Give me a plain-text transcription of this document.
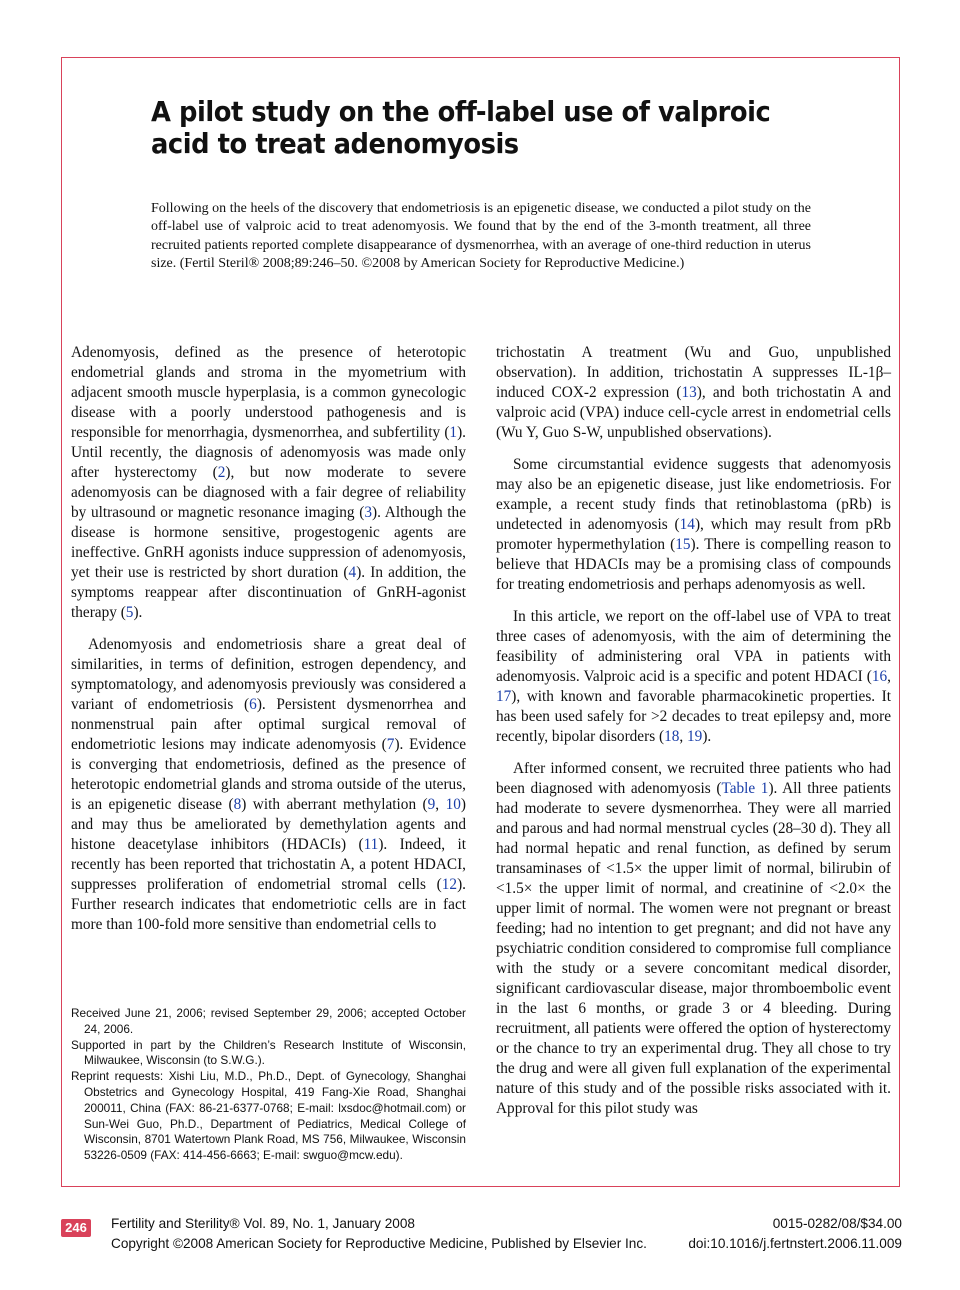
A pilot study on the off-label use of valproic acid to treat adenomyosis

Following on the heels of the discovery that endometriosis is an epigenetic disease, we conducted a pilot study on the off-label use of valproic acid to treat adenomyosis. We found that by the end of the 3-month treatment, all three recruited patients reported complete disappearance of dysmenorrhea, with an average of one-third reduction in uterus size. (Fertil Steril® 2008;89:246–50. ©2008 by American Society for Reproductive Medicine.)

Adenomyosis, defined as the presence of heterotopic endometrial glands and stroma in the myometrium with adjacent smooth muscle hyperplasia, is a common gynecologic disease with a poorly understood pathogenesis and is responsible for menorrhagia, dysmenorrhea, and subfertility (1). Until recently, the diagnosis of adenomyosis was made only after hysterectomy (2), but now moderate to severe adenomyosis can be diagnosed with a fair degree of reliability by ultrasound or magnetic resonance imaging (3). Although the disease is hormone sensitive, progestogenic agents are ineffective. GnRH agonists induce suppression of adenomyosis, yet their use is restricted by short duration (4). In addition, the symptoms reappear after discontinuation of GnRH-agonist therapy (5).

Adenomyosis and endometriosis share a great deal of similarities, in terms of definition, estrogen dependency, and symptomatology, and adenomyosis previously was considered a variant of endometriosis (6). Persistent dysmenorrhea and nonmenstrual pain after optimal surgical removal of endometriotic lesions may indicate adenomyosis (7). Evidence is converging that endometriosis, defined as the presence of heterotopic endometrial glands and stroma outside of the uterus, is an epigenetic disease (8) with aberrant methylation (9, 10) and may thus be ameliorated by demethylation agents and histone deacetylase inhibitors (HDACIs) (11). Indeed, it recently has been reported that trichostatin A, a potent HDACI, suppresses proliferation of endometrial stromal cells (12). Further research indicates that endometriotic cells are in fact more than 100-fold more sensitive than endometrial cells to

trichostatin A treatment (Wu and Guo, unpublished observation). In addition, trichostatin A suppresses IL-1β–induced COX-2 expression (13), and both trichostatin A and valproic acid (VPA) induce cell-cycle arrest in endometrial cells (Wu Y, Guo S-W, unpublished observations).

Some circumstantial evidence suggests that adenomyosis may also be an epigenetic disease, just like endometriosis. For example, a recent study finds that retinoblastoma (pRb) is undetected in adenomyosis (14), which may result from pRb promoter hypermethylation (15). There is compelling reason to believe that HDACIs may be a promising class of compounds for treating endometriosis and perhaps adenomyosis as well.

In this article, we report on the off-label use of VPA to treat three cases of adenomyosis, with the aim of determining the feasibility of administering oral VPA in patients with adenomyosis. Valproic acid is a specific and potent HDACI (16, 17), with known and favorable pharmacokinetic properties. It has been used safely for >2 decades to treat epilepsy and, more recently, bipolar disorders (18, 19).

After informed consent, we recruited three patients who had been diagnosed with adenomyosis (Table 1). All three patients had moderate to severe dysmenorrhea. They were all married and parous and had normal menstrual cycles (28–30 d). They all had normal hepatic and renal function, as defined by serum transaminases of <1.5× the upper limit of normal, bilirubin of <1.5× the upper limit of normal, and creatinine of <2.0× the upper limit of normal. The women were not pregnant or breast feeding; had no intention to get pregnant; and did not have any psychiatric condition considered to compromise full compliance with the study or a severe concomitant medical disorder, significant cardiovascular disease, major thromboembolic event in the last 6 months, or grade 3 or 4 bleeding. During recruitment, all patients were offered the option of hysterectomy or the chance to try an experimental drug. They all chose to try the drug and were all given full explanation of the experimental nature of this study and of the possible risks associated with it. Approval for this pilot study was

Received June 21, 2006; revised September 29, 2006; accepted October 24, 2006.

Supported in part by the Children’s Research Institute of Wisconsin, Milwaukee, Wisconsin (to S.W.G.).

Reprint requests: Xishi Liu, M.D., Ph.D., Dept. of Gynecology, Shanghai Obstetrics and Gynecology Hospital, 419 Fang-Xie Road, Shanghai 200011, China (FAX: 86-21-6377-0768; E-mail: lxsdoc@hotmail.com) or Sun-Wei Guo, Ph.D., Department of Pediatrics, Medical College of Wisconsin, 8701 Watertown Plank Road, MS 756, Milwaukee, Wisconsin 53226-0509 (FAX: 414-456-6663; E-mail: swguo@mcw.edu).

246	Fertility and Sterility® Vol. 89, No. 1, January 2008
Copyright ©2008 American Society for Reproductive Medicine, Published by Elsevier Inc.
0015-0282/08/$34.00
doi:10.1016/j.fertnstert.2006.11.009
